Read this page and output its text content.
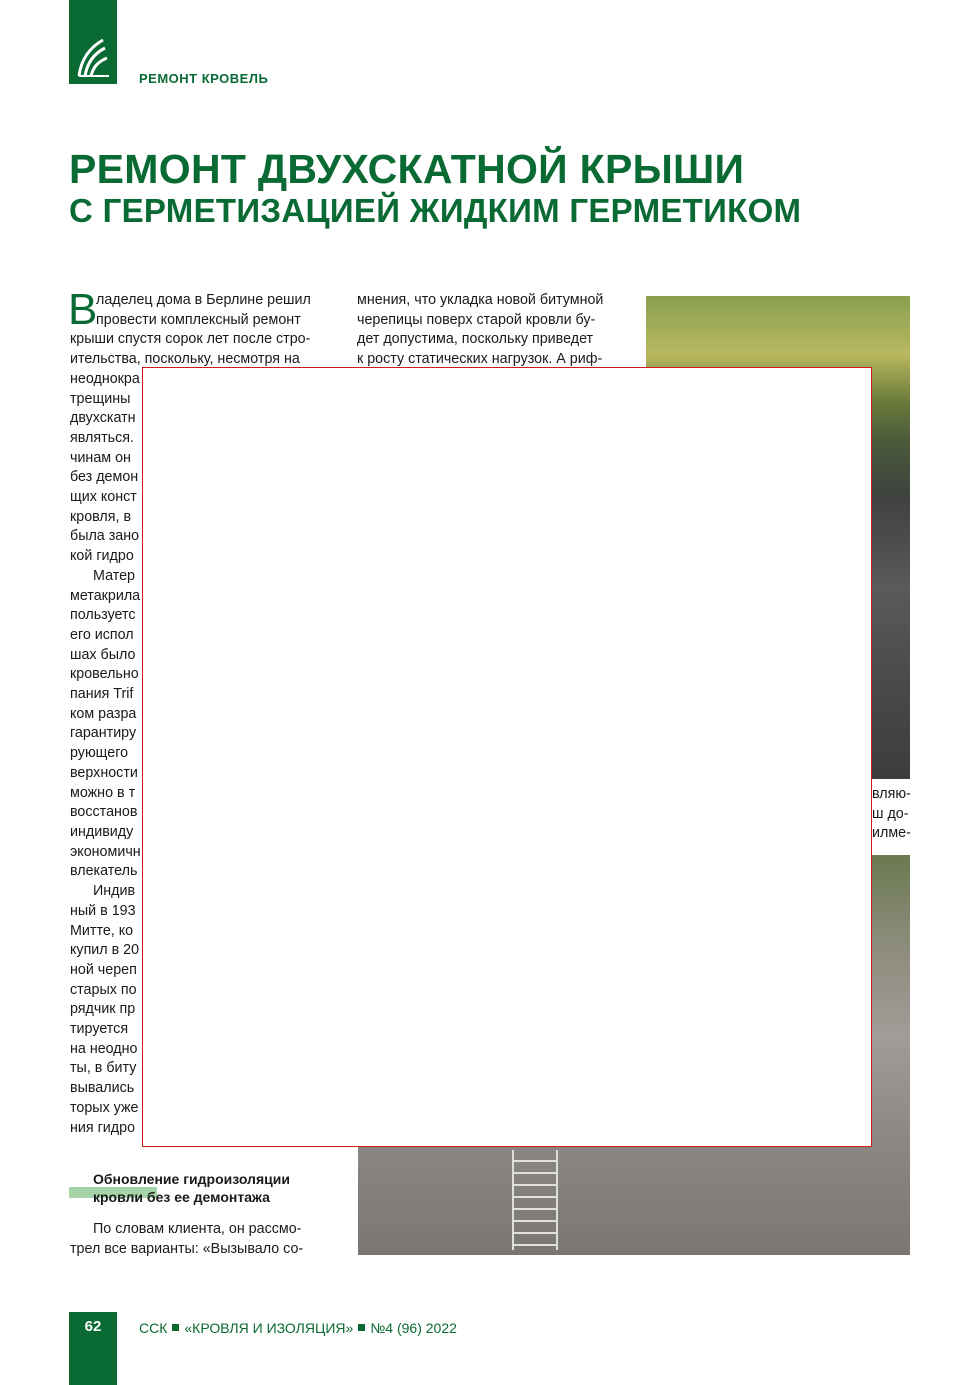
РЕМОНТ КРОВЕЛЬ
РЕМОНТ ДВУХСКАТНОЙ КРЫШИ
С ГЕРМЕТИЗАЦИЕЙ ЖИДКИМ ГЕРМЕТИКОМ
В
ладелец дома в Берлине решил
провести комплексный ремонт
крыши спустя сорок лет после стро-
ительства, поскольку, несмотря на
неоднокра
трещины
двухскатн
являться.
чинам он
без демон
щих конст
кровля, в
была зано
кой гидро
Матер
метакрила
пользуетс
его испол
шах было
кровельно
пания Trif
ком разра
гарантиру
рующего
верхности
можно в т
восстанов
индивиду
экономичн
влекатель
Индив
ный в 193
Митте, ко
купил в 20
ной череп
старых по
рядчик пр
тируется
на неодно
ты, в биту
вывались
торых уже
ния гидро
мнения, что укладка новой битумной
черепицы поверх старой кровли бу-
дет допустима, поскольку приведет
к росту статических нагрузок. А риф-
вляю-
ш до-
илме-
Обновление гидроизоляции
кровли без ее демонтажа
По словам клиента, он рассмо-
трел все варианты: «Вызывало со-
62	ССК «КРОВЛЯ И ИЗОЛЯЦИЯ» №4 (96) 2022
